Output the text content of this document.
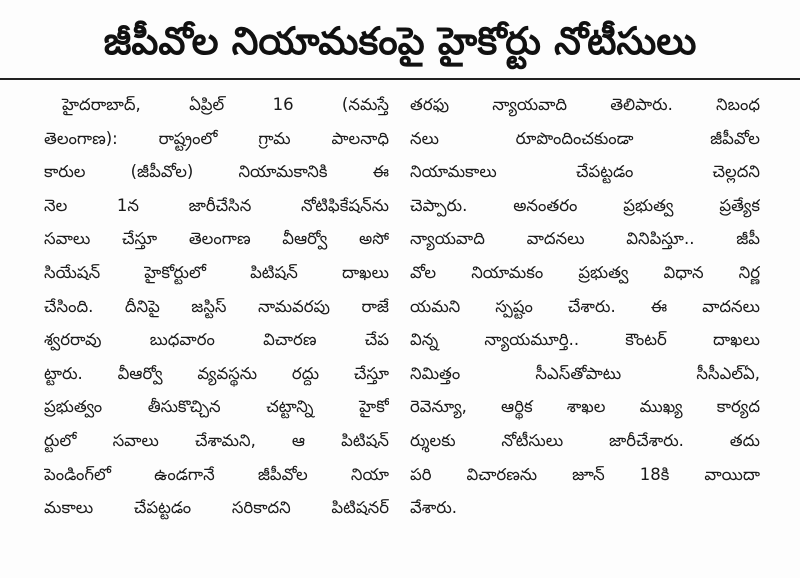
జీపీవోల నియామకంపై హైకోర్టు నోటీసులు
హైదరాబాద్, ఏప్రిల్ 16 (నమస్తే
తెలంగాణ): రాష్ట్రంలో గ్రామ పాలనాధి
కారుల (జీపీవోల) నియామకానికి ఈ
నెల 1న జారీచేసిన నోటిఫికేషన్‌ను
సవాలు చేస్తూ తెలంగాణ వీఆర్వో అసో
సియేషన్ హైకోర్టులో పిటిషన్ దాఖలు
చేసింది. దీనిపై జస్టిస్ నామవరపు రాజే
శ్వరరావు బుధవారం విచారణ చేప
ట్టారు. వీఆర్వో వ్యవస్థను రద్దు చేస్తూ
ప్రభుత్వం తీసుకొచ్చిన చట్టాన్ని హైకో
ర్టులో సవాలు చేశామని, ఆ పిటిషన్
పెండింగ్‌లో ఉండగానే జీపీవోల నియా
మకాలు చేపట్టడం సరికాదని పిటిషనర్
తరఫు న్యాయవాది తెలిపారు. నిబంధ
నలు రూపొందించకుండా జీపీవోల
నియామకాలు చేపట్టడం చెల్లదని
చెప్పారు. అనంతరం ప్రభుత్వ ప్రత్యేక
న్యాయవాది వాదనలు వినిపిస్తూ.. జీపీ
వోల నియామకం ప్రభుత్వ విధాన నిర్ణ
యమని స్పష్టం చేశారు. ఈ వాదనలు
విన్న న్యాయమూర్తి.. కౌంటర్ దాఖలు
నిమిత్తం సీఎస్‌తోపాటు సీసీఎల్ఏ,
రెవెన్యూ, ఆర్థిక శాఖల ముఖ్య కార్యద
ర్శులకు నోటీసులు జారీచేశారు. తదు
పరి విచారణను జూన్ 18కి వాయిదా
వేశారు.
